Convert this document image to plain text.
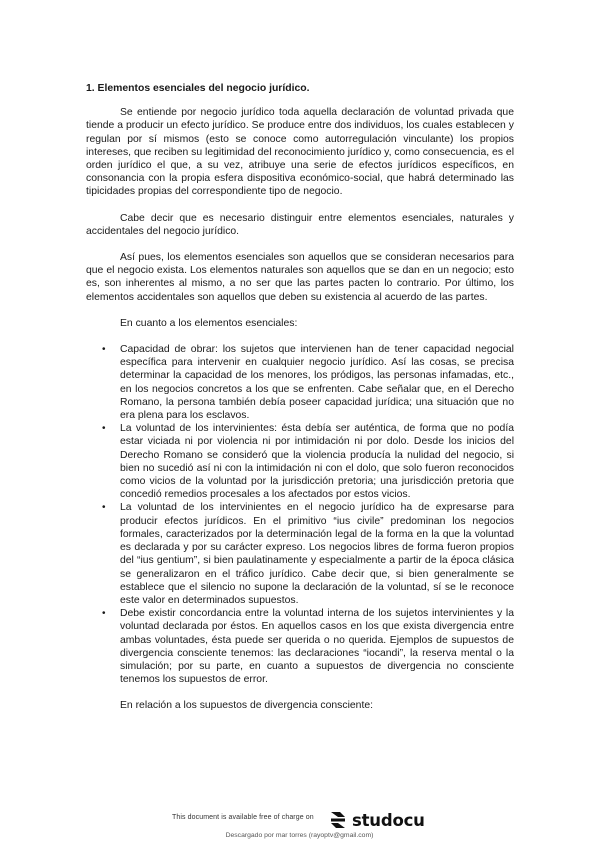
1. Elementos esenciales del negocio jurídico.

Se entiende por negocio jurídico toda aquella declaración de voluntad privada que tiende a producir un efecto jurídico. Se produce entre dos individuos, los cuales establecen y regulan por sí mismos (esto se conoce como autorregulación vinculante) los propios intereses, que reciben su legitimidad del reconocimiento jurídico y, como consecuencia, es el orden jurídico el que, a su vez, atribuye una serie de efectos jurídicos específicos, en consonancia con la propia esfera dispositiva económico-social, que habrá determinado las tipicidades propias del correspondiente tipo de negocio.

Cabe decir que es necesario distinguir entre elementos esenciales, naturales y accidentales del negocio jurídico.

Así pues, los elementos esenciales son aquellos que se consideran necesarios para que el negocio exista. Los elementos naturales son aquellos que se dan en un negocio; esto es, son inherentes al mismo, a no ser que las partes pacten lo contrario. Por último, los elementos accidentales son aquellos que deben su existencia al acuerdo de las partes.

En cuanto a los elementos esenciales:

• Capacidad de obrar: los sujetos que intervienen han de tener capacidad negocial específica para intervenir en cualquier negocio jurídico. Así las cosas, se precisa determinar la capacidad de los menores, los pródigos, las personas infamadas, etc., en los negocios concretos a los que se enfrenten. Cabe señalar que, en el Derecho Romano, la persona también debía poseer capacidad jurídica; una situación que no era plena para los esclavos.
• La voluntad de los intervinientes: ésta debía ser auténtica, de forma que no podía estar viciada ni por violencia ni por intimidación ni por dolo. Desde los inicios del Derecho Romano se consideró que la violencia producía la nulidad del negocio, si bien no sucedió así ni con la intimidación ni con el dolo, que solo fueron reconocidos como vicios de la voluntad por la jurisdicción pretoria; una jurisdicción pretoria que concedió remedios procesales a los afectados por estos vicios.
• La voluntad de los intervinientes en el negocio jurídico ha de expresarse para producir efectos jurídicos. En el primitivo “ius civile” predominan los negocios formales, caracterizados por la determinación legal de la forma en la que la voluntad es declarada y por su carácter expreso. Los negocios libres de forma fueron propios del “ius gentium”, si bien paulatinamente y especialmente a partir de la época clásica se generalizaron en el tráfico jurídico. Cabe decir que, si bien generalmente se establece que el silencio no supone la declaración de la voluntad, sí se le reconoce este valor en determinados supuestos.
• Debe existir concordancia entre la voluntad interna de los sujetos intervinientes y la voluntad declarada por éstos. En aquellos casos en los que exista divergencia entre ambas voluntades, ésta puede ser querida o no querida. Ejemplos de supuestos de divergencia consciente tenemos: las declaraciones “iocandi”, la reserva mental o la simulación; por su parte, en cuanto a supuestos de divergencia no consciente tenemos los supuestos de error.

En relación a los supuestos de divergencia consciente:

This document is available free of charge on studocu
Descargado por mar torres (rayoptv@gmail.com)
